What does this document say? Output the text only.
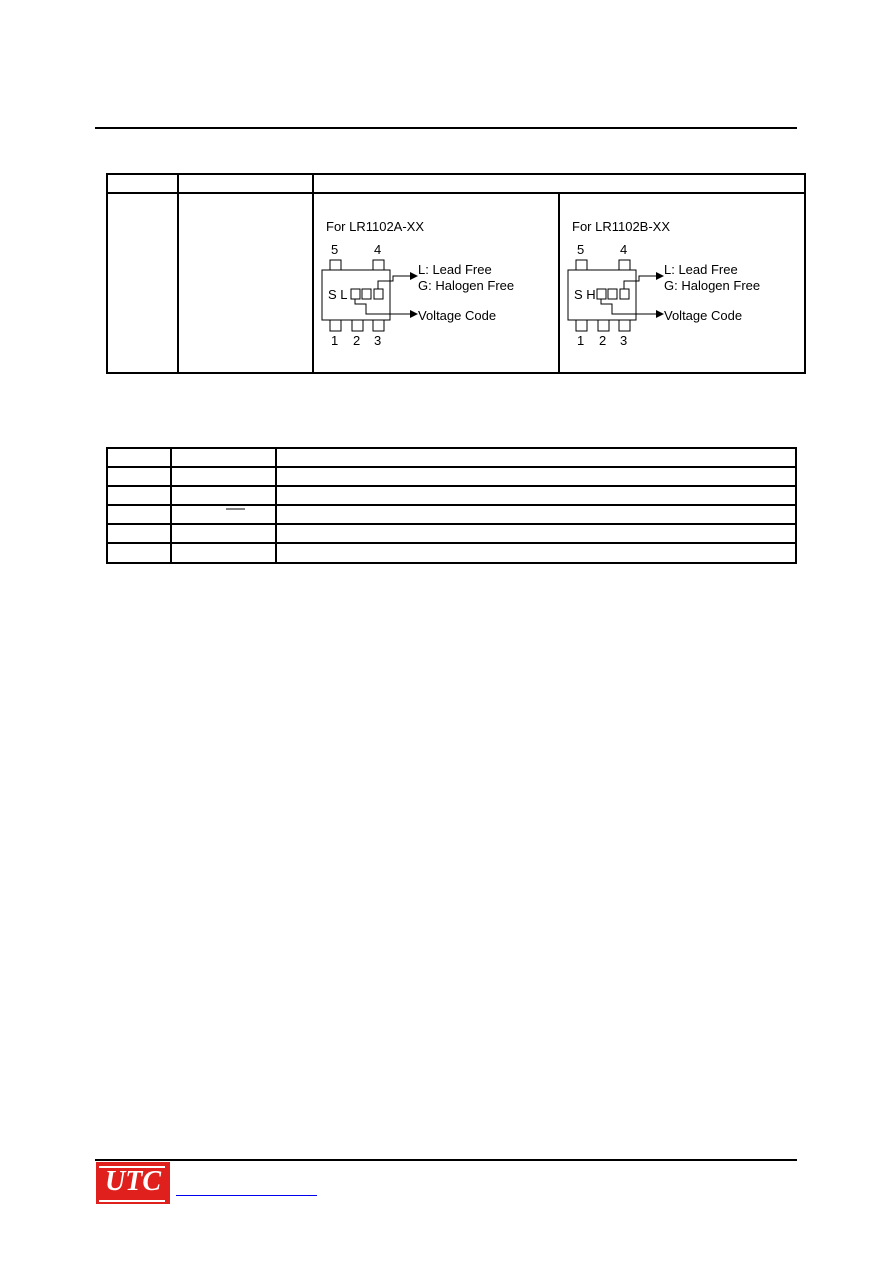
For LR1102A-XX
5	4
S L
L: Lead Free
G: Halogen Free
Voltage Code
1 2 3
For LR1102B-XX
5	4
S H
L: Lead Free
G: Halogen Free
Voltage Code
1 2 3
UTC
